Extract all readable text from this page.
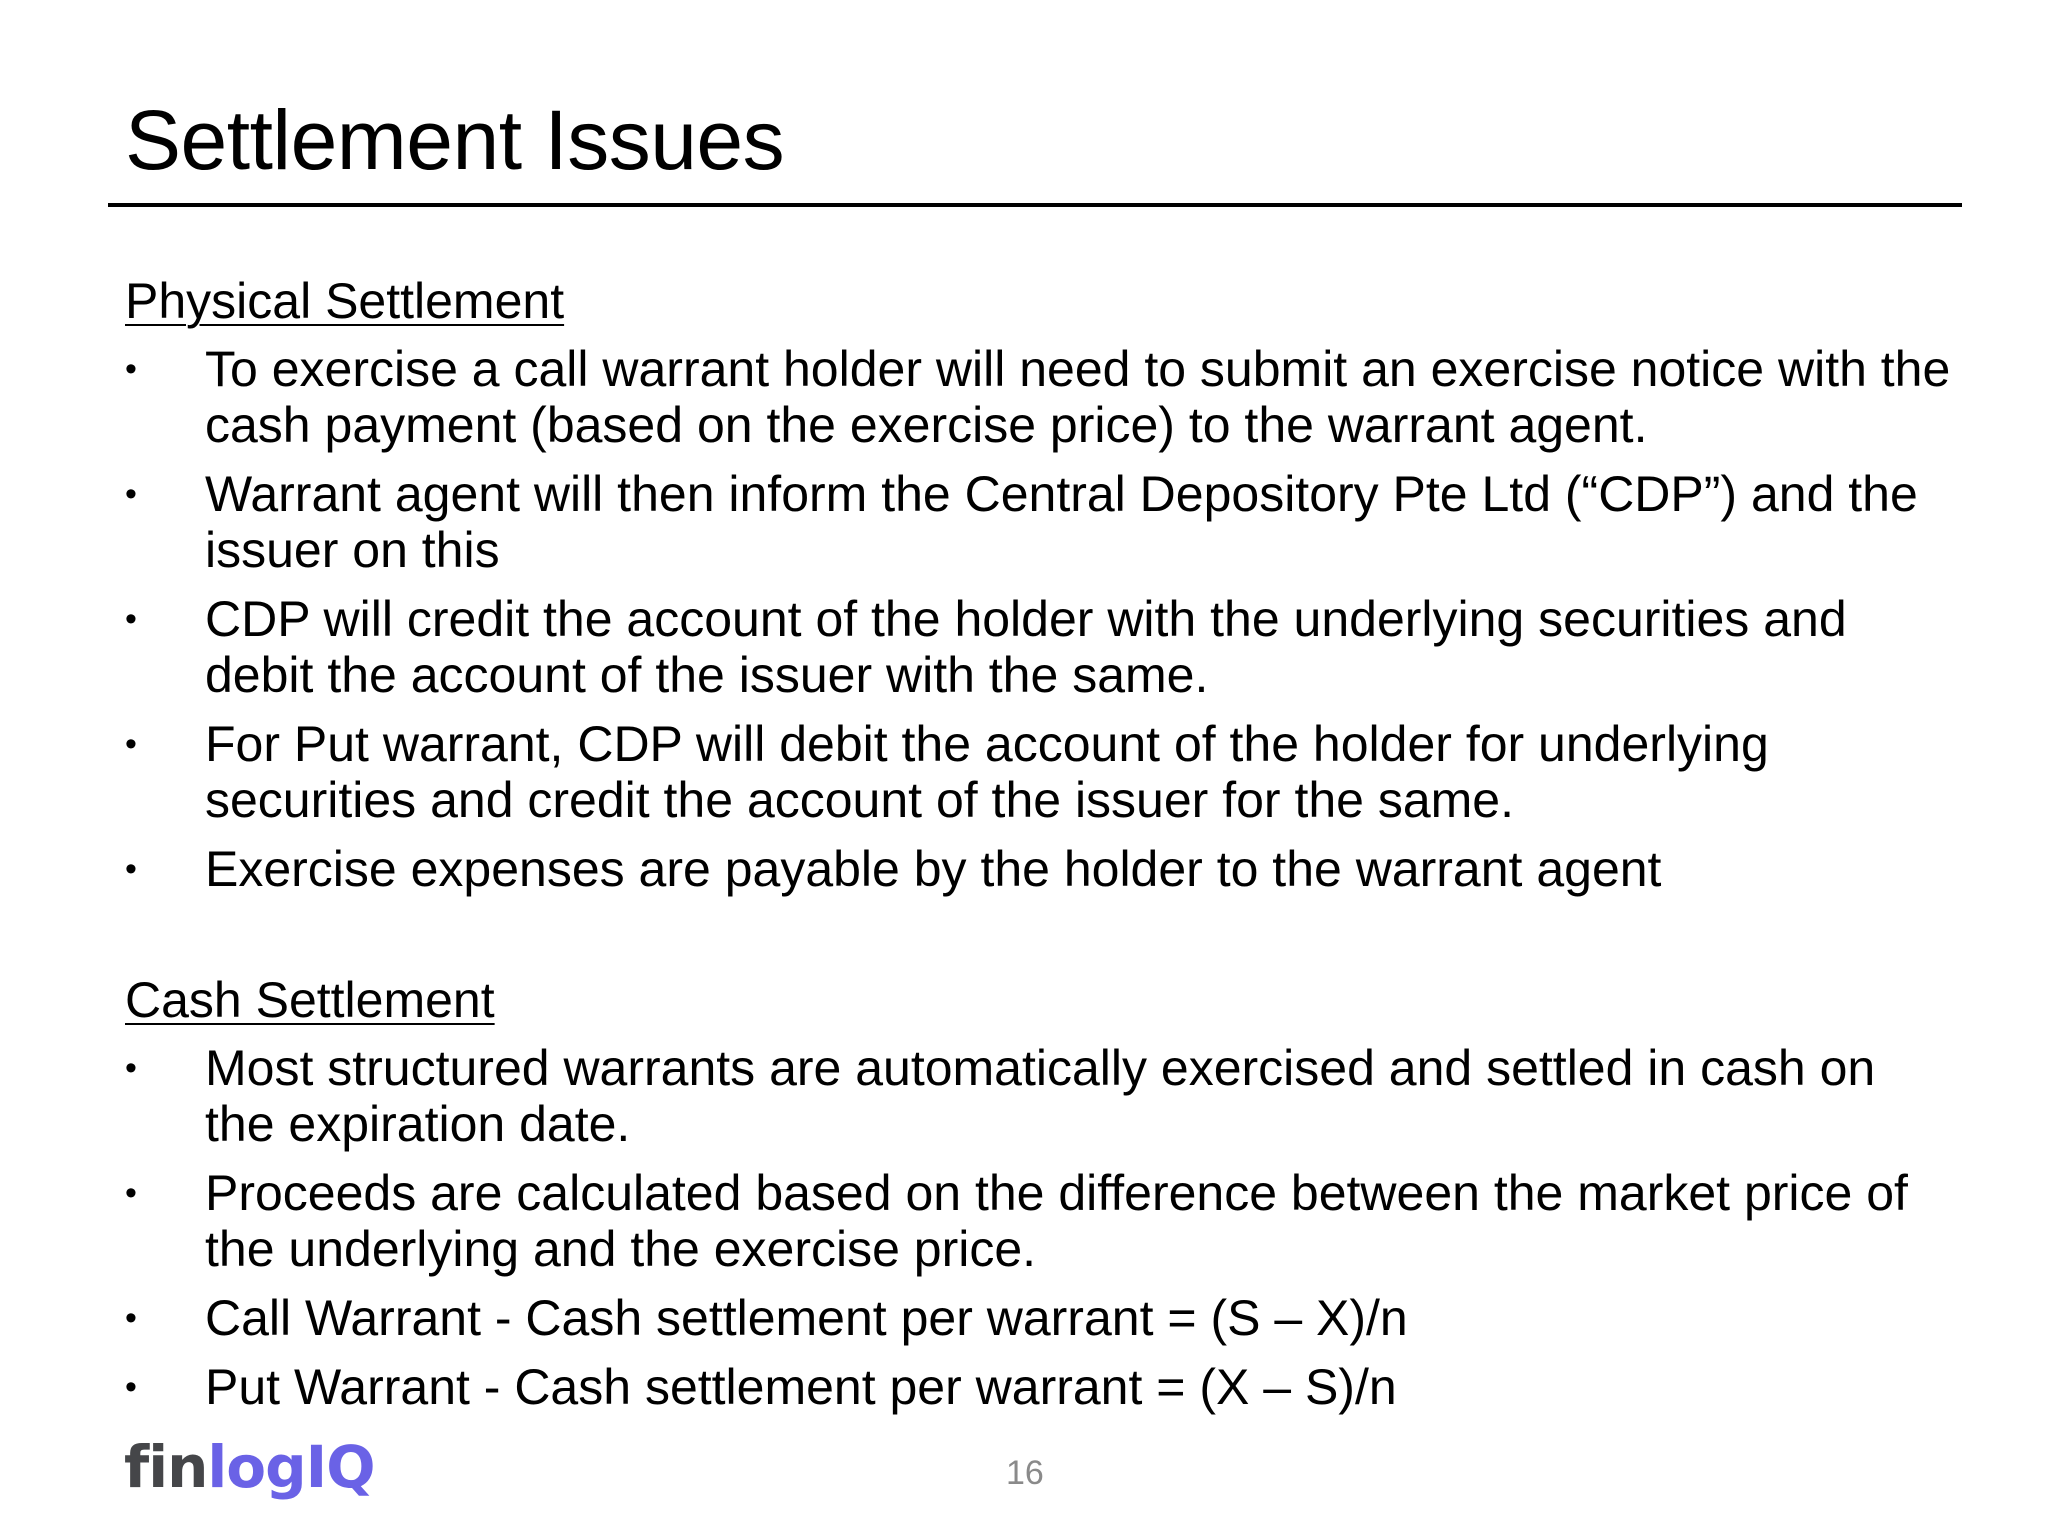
Settlement Issues
Physical Settlement
•	To exercise a call warrant holder will need to submit an exercise notice with the cash payment (based on the exercise price) to the warrant agent.
•	Warrant agent will then inform the Central Depository Pte Ltd (“CDP”) and the issuer on this
•	CDP will credit the account of the holder with the underlying securities and debit the account of the issuer with the same.
•	For Put warrant, CDP will debit the account of the holder for underlying securities and credit the account of the issuer for the same.
•	Exercise expenses are payable by the holder to the warrant agent
Cash Settlement
•	Most structured warrants are automatically exercised and settled in cash on the expiration date.
•	Proceeds are calculated based on the difference between the market price of the underlying and the exercise price.
•	Call Warrant - Cash settlement per warrant = (S – X)/n
•	Put Warrant - Cash settlement per warrant = (X – S)/n
finlogIQ	16
